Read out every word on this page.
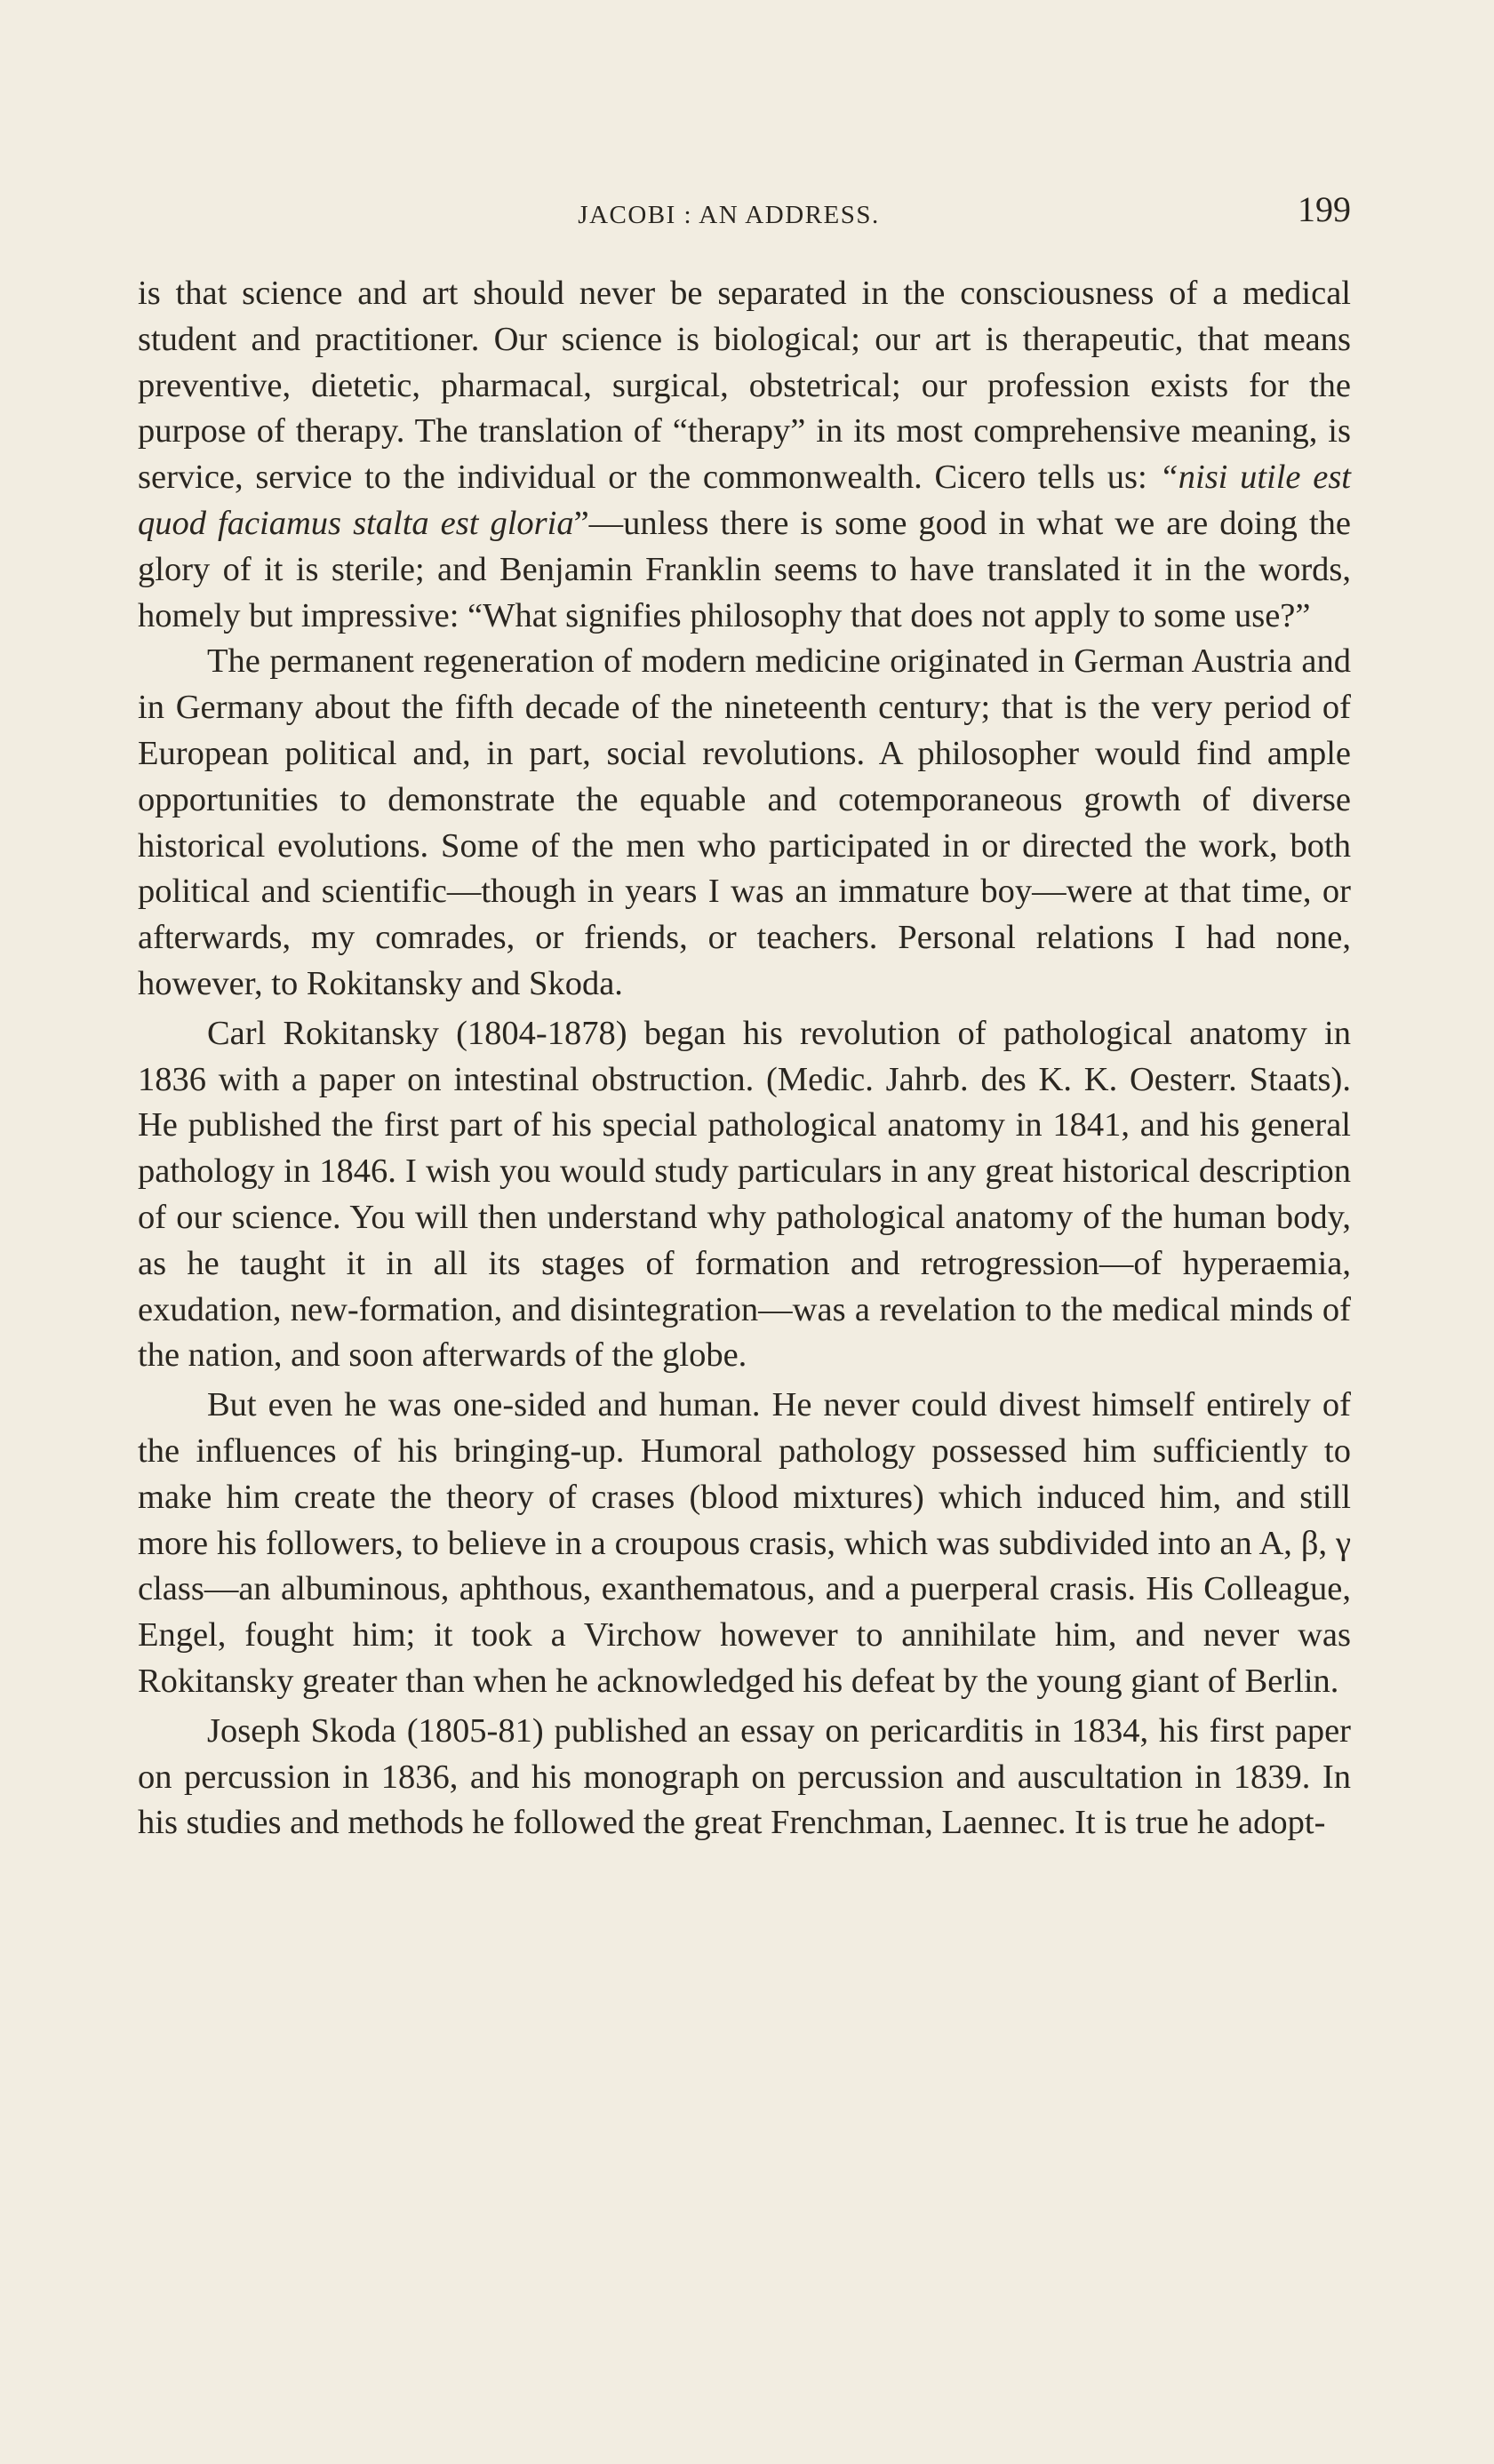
JACOBI : AN ADDRESS.	199

is that science and art should never be separated in the consciousness of a medical student and practitioner. Our science is biological; our art is therapeutic, that means preventive, dietetic, pharmacal, surgical, obstetrical; our profession exists for the purpose of therapy. The translation of “therapy” in its most comprehensive meaning, is service, service to the individual or the commonwealth. Cicero tells us: “nisi utile est quod faciamus stalta est gloria”—unless there is some good in what we are doing the glory of it is sterile; and Benjamin Franklin seems to have translated it in the words, homely but impressive: “What signifies philosophy that does not apply to some use?”

The permanent regeneration of modern medicine originated in German Austria and in Germany about the fifth decade of the nineteenth century; that is the very period of European political and, in part, social revolutions. A philosopher would find ample opportunities to demonstrate the equable and cotemporaneous growth of diverse historical evolutions. Some of the men who participated in or directed the work, both political and scientific—though in years I was an immature boy—were at that time, or afterwards, my comrades, or friends, or teachers. Personal relations I had none, however, to Rokitansky and Skoda.

Carl Rokitansky (1804-1878) began his revolution of pathological anatomy in 1836 with a paper on intestinal obstruction. (Medic. Jahrb. des K. K. Oesterr. Staats). He published the first part of his special pathological anatomy in 1841, and his general pathology in 1846. I wish you would study particulars in any great historical description of our science. You will then understand why pathological anatomy of the human body, as he taught it in all its stages of formation and retrogression—of hyperaemia, exudation, new-formation, and disintegration—was a revelation to the medical minds of the nation, and soon afterwards of the globe.

But even he was one-sided and human. He never could divest himself entirely of the influences of his bringing-up. Humoral pathology possessed him sufficiently to make him create the theory of crases (blood mixtures) which induced him, and still more his followers, to believe in a croupous crasis, which was subdivided into an A, β, γ class—an albuminous, aphthous, exanthematous, and a puerperal crasis. His Colleague, Engel, fought him; it took a Virchow however to annihilate him, and never was Rokitansky greater than when he acknowledged his defeat by the young giant of Berlin.

Joseph Skoda (1805-81) published an essay on pericarditis in 1834, his first paper on percussion in 1836, and his monograph on percussion and auscultation in 1839. In his studies and methods he followed the great Frenchman, Laennec. It is true he adopt-
